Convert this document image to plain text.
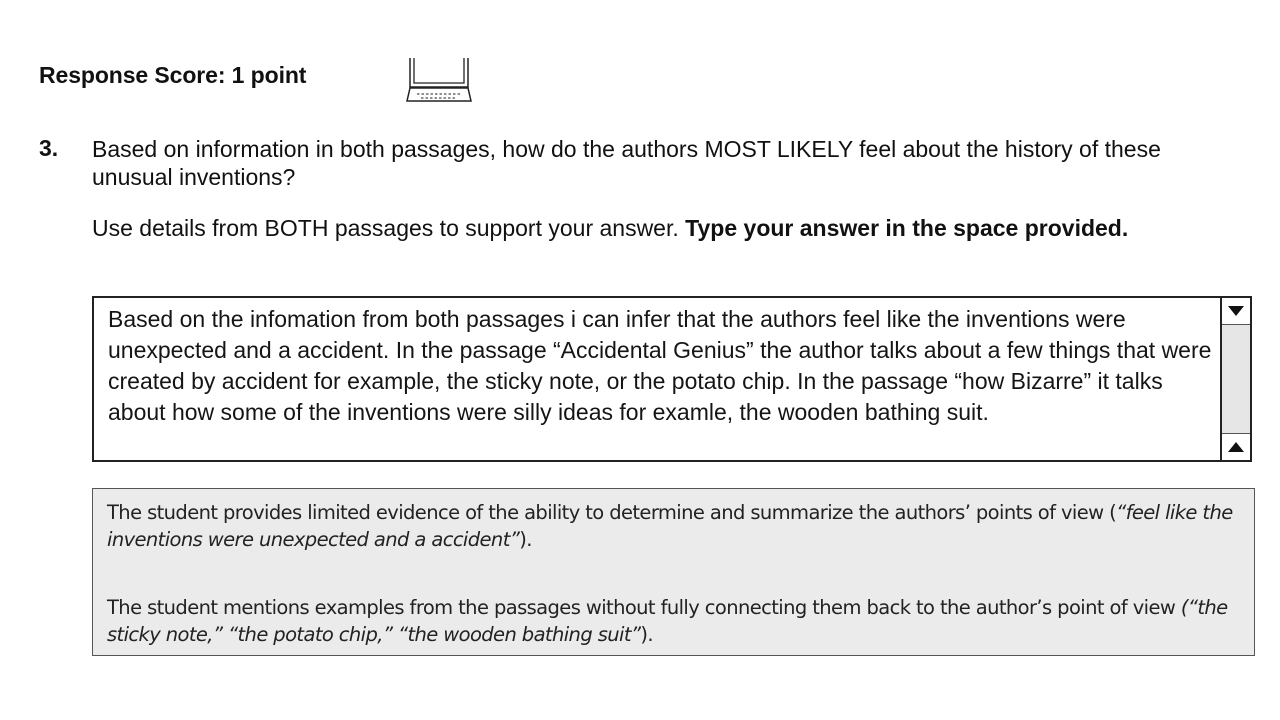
Response Score: 1 point
3. Based on information in both passages, how do the authors MOST LIKELY feel about the history of these unusual inventions?
Use details from BOTH passages to support your answer. Type your answer in the space provided.
Based on the infomation from both passages i can infer that the authors feel like the inventions were unexpected and a accident. In the passage “Accidental Genius” the author talks about a few things that were created by accident for example, the sticky note, or the potato chip. In the passage “how Bizarre” it talks about how some of the inventions were silly ideas for examle, the wooden bathing suit.
The student provides limited evidence of the ability to determine and summarize the authors’ points of view (“feel like the inventions were unexpected and a accident”).
The student mentions examples from the passages without fully connecting them back to the author’s point of view (“the sticky note,” “the potato chip,” “the wooden bathing suit”).
